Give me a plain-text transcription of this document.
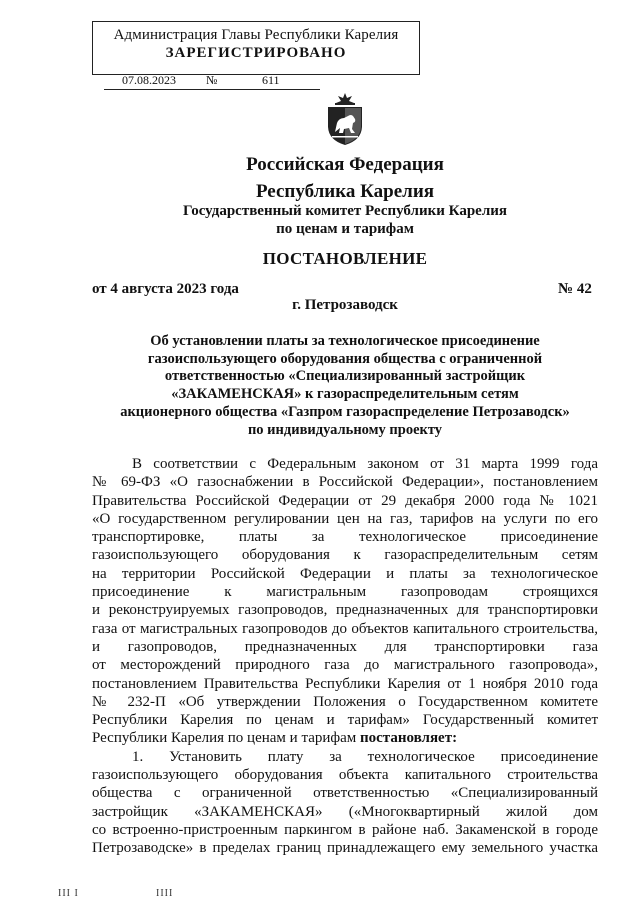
Администрация Главы Республики Карелия
ЗАРЕГИСТРИРОВАНО
07.08.2023	№	611
Российская Федерация
Республика Карелия
Государственный комитет Республики Карелия
по ценам и тарифам
ПОСТАНОВЛЕНИЕ
от 4 августа 2023 года	№ 42
г. Петрозаводск
Об установлении платы за технологическое присоединение
газоиспользующего оборудования общества с ограниченной
ответственностью «Специализированный застройщик
«ЗАКАМЕНСКАЯ» к газораспределительным сетям
акционерного общества «Газпром газораспределение Петрозаводск»
по индивидуальному проекту
В соответствии с Федеральным законом от 31 марта 1999 года
№ 69-ФЗ «О газоснабжении в Российской Федерации», постановлением
Правительства Российской Федерации от 29 декабря 2000 года № 1021
«О государственном регулировании цен на газ, тарифов на услуги по его
транспортировке, платы за технологическое присоединение
газоиспользующего оборудования к газораспределительным сетям
на территории Российской Федерации и платы за технологическое
присоединение к магистральным газопроводам строящихся
и реконструируемых газопроводов, предназначенных для транспортировки
газа от магистральных газопроводов до объектов капитального строительства,
и газопроводов, предназначенных для транспортировки газа
от месторождений природного газа до магистрального газопровода»,
постановлением Правительства Республики Карелия от 1 ноября 2010 года
№ 232-П «Об утверждении Положения о Государственном комитете
Республики Карелия по ценам и тарифам» Государственный комитет
Республики Карелия по ценам и тарифам постановляет:
1. Установить плату за технологическое присоединение
газоиспользующего оборудования объекта капитального строительства
общества с ограниченной ответственностью «Специализированный
застройщик «ЗАКАМЕНСКАЯ» («Многоквартирный жилой дом
со встроенно-пристроенным паркингом в районе наб. Закаменской в городе
Петрозаводске» в пределах границ принадлежащего ему земельного участка
III I	IIII
